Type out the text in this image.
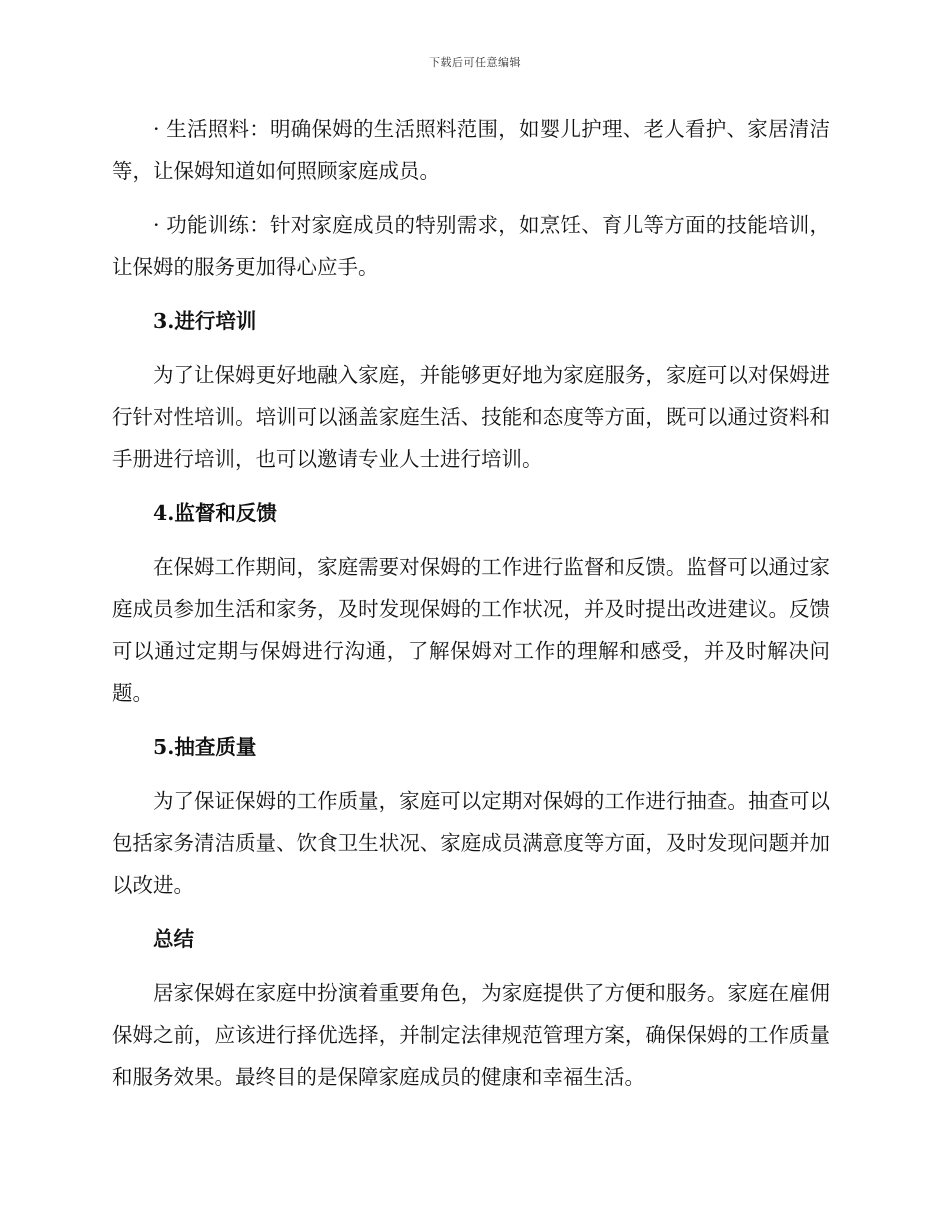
下载后可任意编辑

· 生活照料：明确保姆的生活照料范围，如婴儿护理、老人看护、家居清洁等，让保姆知道如何照顾家庭成员。

· 功能训练：针对家庭成员的特别需求，如烹饪、育儿等方面的技能培训，让保姆的服务更加得心应手。

3.进行培训

为了让保姆更好地融入家庭，并能够更好地为家庭服务，家庭可以对保姆进行针对性培训。培训可以涵盖家庭生活、技能和态度等方面，既可以通过资料和手册进行培训，也可以邀请专业人士进行培训。

4.监督和反馈

在保姆工作期间，家庭需要对保姆的工作进行监督和反馈。监督可以通过家庭成员参加生活和家务，及时发现保姆的工作状况，并及时提出改进建议。反馈可以通过定期与保姆进行沟通，了解保姆对工作的理解和感受，并及时解决问题。

5.抽查质量

为了保证保姆的工作质量，家庭可以定期对保姆的工作进行抽查。抽查可以包括家务清洁质量、饮食卫生状况、家庭成员满意度等方面，及时发现问题并加以改进。

总结

居家保姆在家庭中扮演着重要角色，为家庭提供了方便和服务。家庭在雇佣保姆之前，应该进行择优选择，并制定法律规范管理方案，确保保姆的工作质量和服务效果。最终目的是保障家庭成员的健康和幸福生活。
